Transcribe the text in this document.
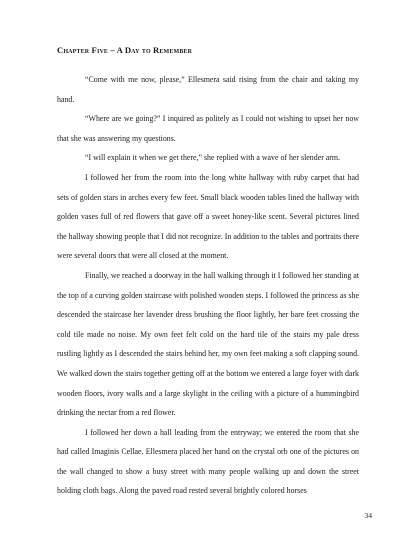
Chapter Five – A Day to Remember

“Come with me now, please,” Ellesmera said rising from the chair and taking my hand.

“Where are we going?” I inquired as politely as I could not wishing to upset her now that she was answering my questions.

“I will explain it when we get there,” she replied with a wave of her slender arm.

I followed her from the room into the long white hallway with ruby carpet that had sets of golden stars in arches every few feet. Small black wooden tables lined the hallway with golden vases full of red flowers that gave off a sweet honey-like scent. Several pictures lined the hallway showing people that I did not recognize. In addition to the tables and portraits there were several doors that were all closed at the moment.

Finally, we reached a doorway in the hall walking through it I followed her standing at the top of a curving golden staircase with polished wooden steps. I followed the princess as she descended the staircase her lavender dress brushing the floor lightly, her bare feet crossing the cold tile made no noise. My own feet felt cold on the hard tile of the stairs my pale dress rustling lightly as I descended the stairs behind her, my own feet making a soft clapping sound. We walked down the stairs together getting off at the bottom we entered a large foyer with dark wooden floors, ivory walls and a large skylight in the ceiling with a picture of a hummingbird drinking the nectar from a red flower.

I followed her down a hall leading from the entryway; we entered the room that she had called Imaginis Cellae. Ellesmera placed her hand on the crystal orb one of the pictures on the wall changed to show a busy street with many people walking up and down the street holding cloth bags. Along the paved road rested several brightly colored horses

34
